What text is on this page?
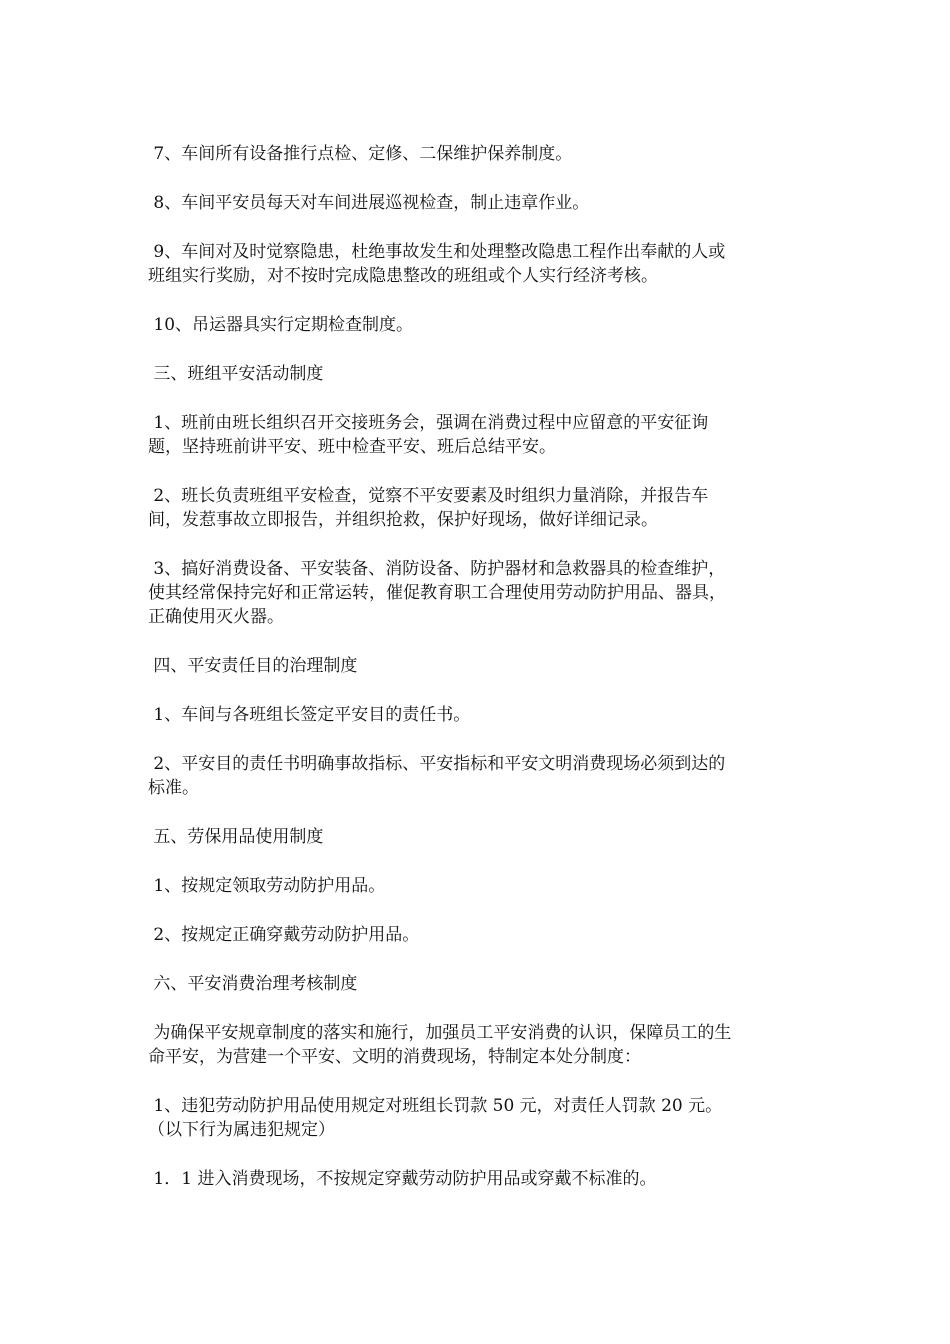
7、车间所有设备推行点检、定修、二保维护保养制度。

8、车间平安员每天对车间进展巡视检查，制止违章作业。

9、车间对及时觉察隐患，杜绝事故发生和处理整改隐患工程作出奉献的人或
班组实行奖励，对不按时完成隐患整改的班组或个人实行经济考核。

10、吊运器具实行定期检查制度。

三、班组平安活动制度

1、班前由班长组织召开交接班务会，强调在消费过程中应留意的平安征询
题，坚持班前讲平安、班中检查平安、班后总结平安。

2、班长负责班组平安检查，觉察不平安要素及时组织力量消除，并报告车
间，发惹事故立即报告，并组织抢救，保护好现场，做好详细记录。

3、搞好消费设备、平安装备、消防设备、防护器材和急救器具的检查维护，
使其经常保持完好和正常运转，催促教育职工合理使用劳动防护用品、器具，
正确使用灭火器。

四、平安责任目的治理制度

1、车间与各班组长签定平安目的责任书。

2、平安目的责任书明确事故指标、平安指标和平安文明消费现场必须到达的
标准。

五、劳保用品使用制度

1、按规定领取劳动防护用品。

2、按规定正确穿戴劳动防护用品。

六、平安消费治理考核制度

为确保平安规章制度的落实和施行，加强员工平安消费的认识，保障员工的生
命平安，为营建一个平安、文明的消费现场，特制定本处分制度：

1、违犯劳动防护用品使用规定对班组长罚款 50 元，对责任人罚款 20 元。
（以下行为属违犯规定）

1．1 进入消费现场，不按规定穿戴劳动防护用品或穿戴不标准的。
